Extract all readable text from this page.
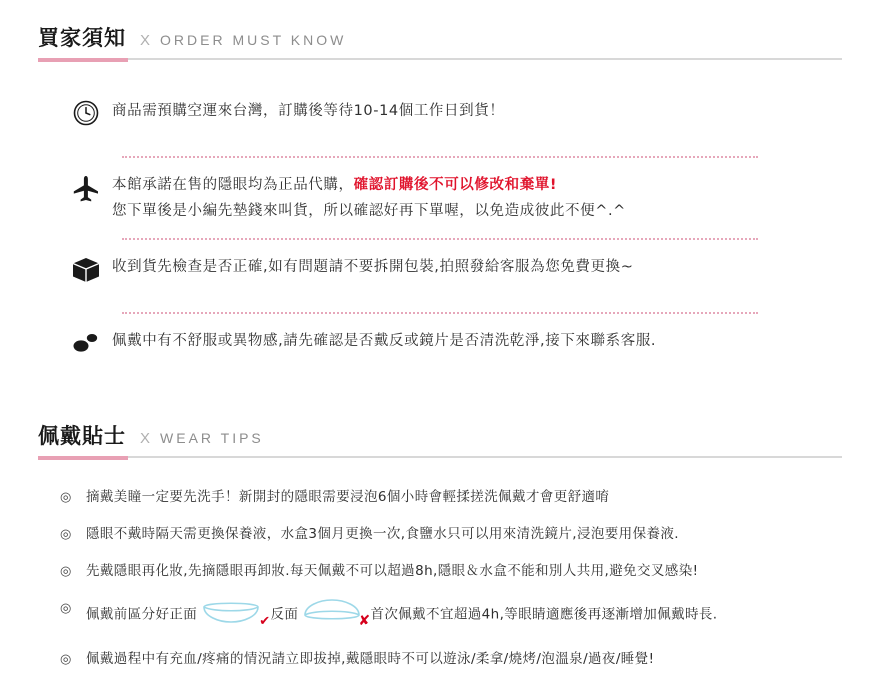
買家須知 X ORDER MUST KNOW
商品需預購空運來台灣，訂購後等待10-14個工作日到貨！
本館承諾在售的隱眼均為正品代購，確認訂購後不可以修改和棄單!
您下單後是小編先墊錢來叫貨，所以確認好再下單喔，以免造成彼此不便^.^
收到貨先檢查是否正確,如有問題請不要拆開包裝,拍照發給客服為您免費更換~
佩戴中有不舒服或異物感,請先確認是否戴反或鏡片是否清洗乾淨,接下來聯系客服.
佩戴貼士 X WEAR TIPS
◎	摘戴美瞳一定要先洗手！新開封的隱眼需要浸泡6個小時會輕揉搓洗佩戴才會更舒適唷
◎	隱眼不戴時隔天需更換保養液，水盒3個月更換一次,食鹽水只可以用來清洗鏡片,浸泡要用保養液.
◎	先戴隱眼再化妝,先摘隱眼再卸妝.每天佩戴不可以超過8h,隱眼＆水盒不能和別人共用,避免交叉感染!
◎	佩戴前區分好正面	✔反面	✘首次佩戴不宜超過4h,等眼睛適應後再逐漸增加佩戴時長.
◎	佩戴過程中有充血/疼痛的情況請立即拔掉,戴隱眼時不可以遊泳/柔拿/燒烤/泡溫泉/過夜/睡覺!
